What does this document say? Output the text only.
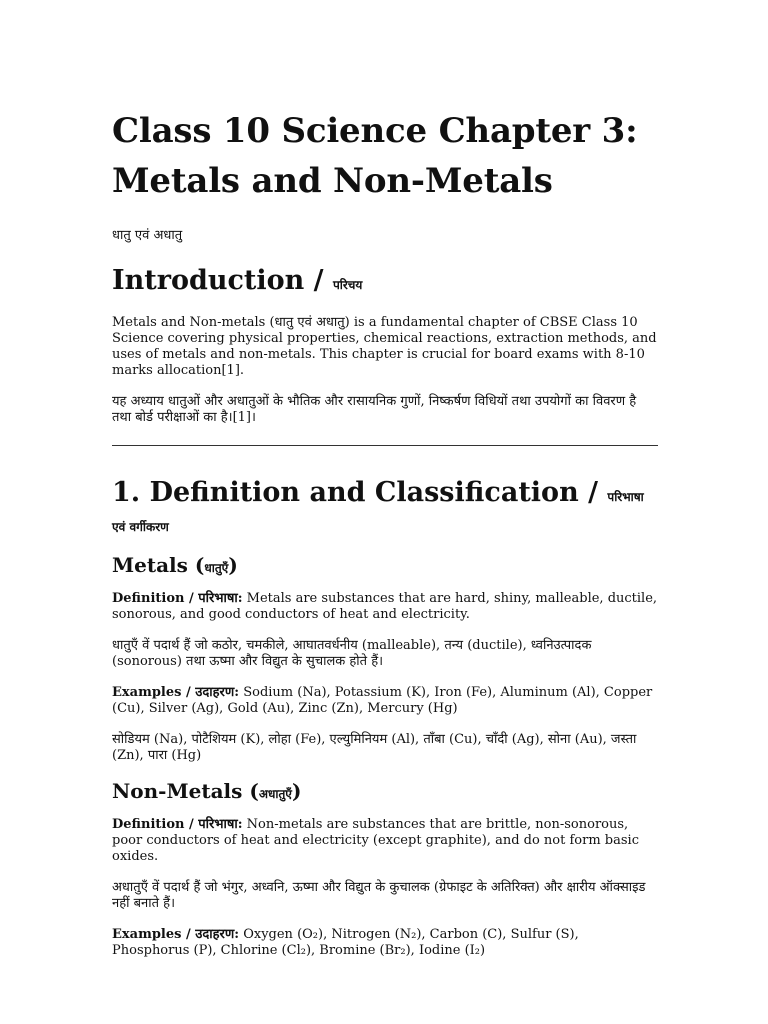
Class 10 Science Chapter 3: Metals and Non-Metals

धातु एवं अधातु

Introduction / परिचय

Metals and Non-metals (धातु एवं अधातु) is a fundamental chapter of CBSE Class 10 Science covering physical properties, chemical reactions, extraction methods, and uses of metals and non-metals. This chapter is crucial for board exams with 8-10 marks allocation[1].

यह अध्याय धातुओं और अधातुओं के भौतिक और रासायनिक गुणों, निष्कर्षण विधियों तथा उपयोगों का विवरण है तथा बोर्ड परीक्षाओं का है।[1]।

1. Definition and Classification / परिभाषा एवं वर्गीकरण
Metals (धातुएँ)

Definition / परिभाषा: Metals are substances that are hard, shiny, malleable, ductile, sonorous, and good conductors of heat and electricity.

धातुएँ वें पदार्थ हैं जो कठोर, चमकीले, आघातवर्धनीय (malleable), तन्य (ductile), ध्वनिउत्पादक (sonorous) तथा ऊष्मा और विद्युत के सुचालक होते हैं।

Examples / उदाहरण: Sodium (Na), Potassium (K), Iron (Fe), Aluminum (Al), Copper (Cu), Silver (Ag), Gold (Au), Zinc (Zn), Mercury (Hg)

सोडियम (Na), पोटैशियम (K), लोहा (Fe), एल्युमिनियम (Al), ताँबा (Cu), चाँदी (Ag), सोना (Au), जस्ता (Zn), पारा (Hg)

Non-Metals (अधातुएँ)

Definition / परिभाषा: Non-metals are substances that are brittle, non-sonorous, poor conductors of heat and electricity (except graphite), and do not form basic oxides.

अधातुएँ वें पदार्थ हैं जो भंगुर, अध्वनि, ऊष्मा और विद्युत के कुचालक (ग्रेफाइट के अतिरिक्त) और क्षारीय ऑक्साइड नहीं बनाते हैं।

Examples / उदाहरण: Oxygen (O₂), Nitrogen (N₂), Carbon (C), Sulfur (S), Phosphorus (P), Chlorine (Cl₂), Bromine (Br₂), Iodine (I₂)
